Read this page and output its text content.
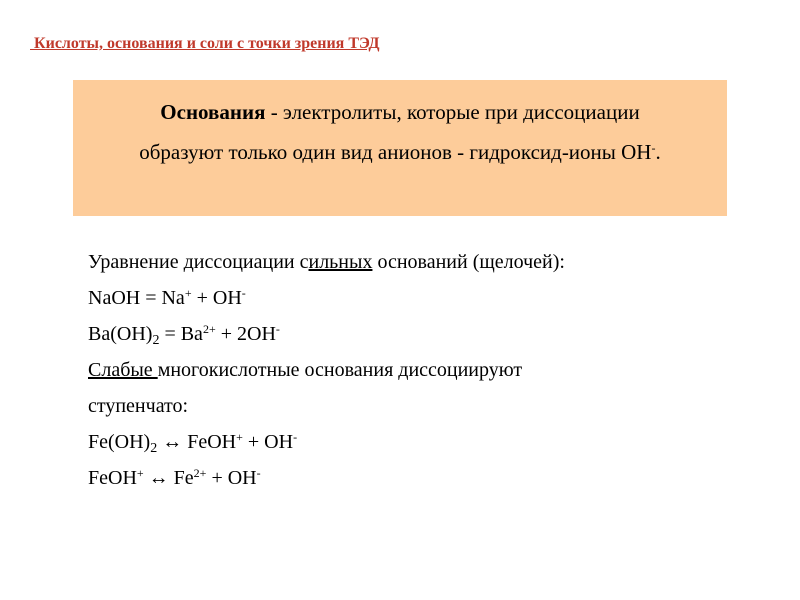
Кислоты, основания и соли с точки зрения ТЭД
Основания - электролиты, которые при диссоциации
образуют только один вид анионов - гидроксид-ионы OH-.
Уравнение диссоциации сильных оснований (щелочей):
NaOH = Na+ + OH-
$Ba(OH)_2 = Ba^{2+} + 2OH^-$
Слабые многокислотные основания диссоциируют
ступенчато:
$Fe(OH)_2$ ↔ FeOH+ + OH-
FeOH+ ↔ $Fe^{2+} + OH^-$
